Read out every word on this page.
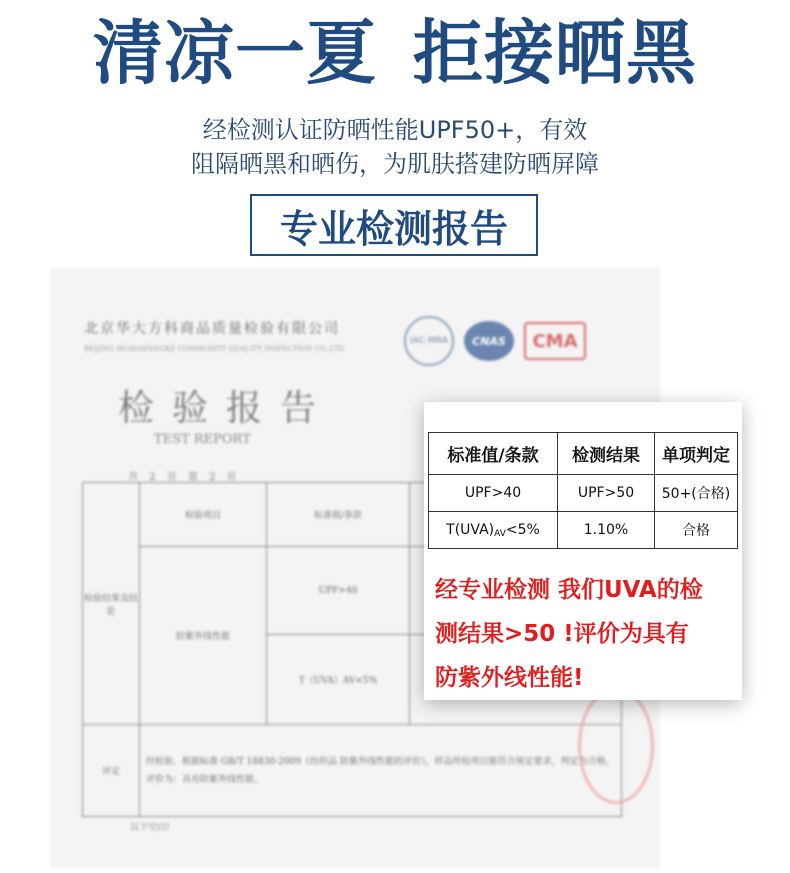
清凉一夏 拒接晒黑
经检测认证防晒性能UPF50+，有效
阻隔晒黑和晒伤，为肌肤搭建防晒屏障
专业检测报告
北京华大方科商品质量检验有限公司
BEIJING HUADAFANGKE COMMODITY QUALITY INSPECTION CO.,LTD
检验报告
TEST REPORT
共 2 页 第 2 页
IAC-MRA	CNAS	CMA
检验结果及结论	检验项目	标准值/条款	
	防紫外线性能	UPF>40	
		T（UVA）AV<5%	
评定	经检验，根据标准 GB/T 18830-2009《纺织品 防紫外线性能的评价》，样品所检项目能符合规定要求，判定为合格，评价为：具有防紫外线性能。		
以下空白!
标准值/条款	检测结果	单项判定
UPF>40	UPF>50	50+(合格)
T(UVA)AV<5%	1.10%	合格
经专业检测 我们UVA的检
测结果>50 !评价为具有
防紫外线性能!
